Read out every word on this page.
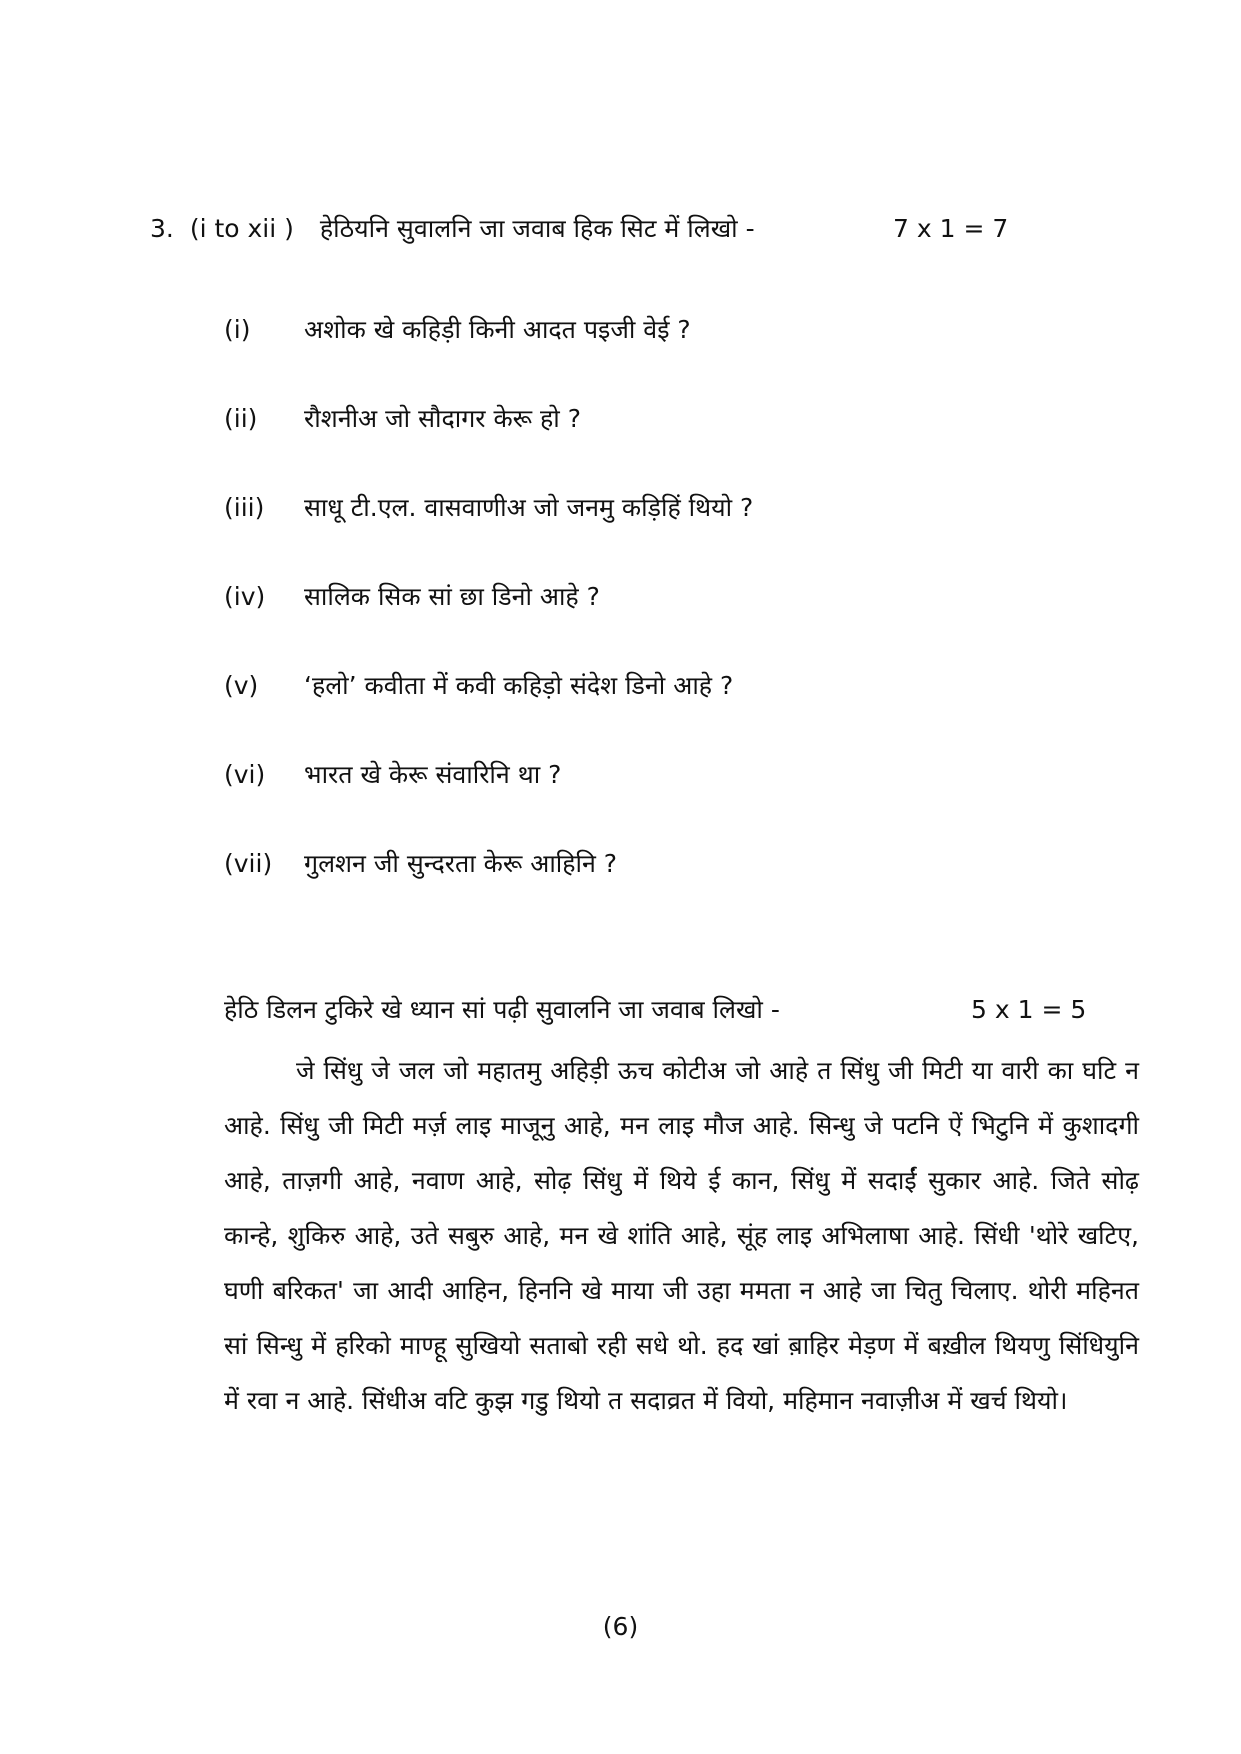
3. (i to xii ) हेठियनि सुवालनि जा जवाब हिक सिट में लिखो -	7 x 1 = 7
(i) अशोक खे कहिड़ी किनी आदत पइजी वेई ?
(ii) रौशनीअ जो सौदागर केरू हो ?
(iii) साधू टी.एल. वासवाणीअ जो जनमु कड़िहिं थियो ?
(iv) सालिक सिक सां छा डिनो आहे ?
(v) ‘हलो’ कवीता में कवी कहिड़ो संदेश डिनो आहे ?
(vi) भारत खे केरू संवारिनि था ?
(vii) गुलशन जी सुन्दरता केरू आहिनि ?
हेठि डिलन टुकिरे खे ध्यान सां पढ़ी सुवालनि जा जवाब लिखो -	5 x 1 = 5

जे सिंधु जे जल जो महातमु अहिड़ी ऊच कोटीअ जो आहे त सिंधु जी मिटी या वारी का घटि न आहे. सिंधु जी मिटी मर्ज़ लाइ माजूनु आहे, मन लाइ मौज आहे. सिन्धु जे पटनि ऐं भिटुनि में कुशादगी आहे, ताज़गी आहे, नवाण आहे, सोढ़ सिंधु में थिये ई कान, सिंधु में सदाईं सुकार आहे. जिते सोढ़ कान्हे, शुकिरु आहे, उते सबुरु आहे, मन खे शांति आहे, सूंह लाइ अभिलाषा आहे. सिंधी 'थोरे खटिए, घणी बरिकत' जा आदी आहिन, हिननि खे माया जी उहा ममता न आहे जा चितु चिलाए. थोरी महिनत सां सिन्धु में हरिको माण्हू सुखियो सताबो रही सधे थो. हद खां ब़ाहिर मेड़ण में बख़ील थियणु सिंधियुनि में रवा न आहे. सिंधीअ वटि कुझ गडु थियो त सदाव्रत में वियो, महिमान नवाज़ीअ में खर्च थियो।

(6)
